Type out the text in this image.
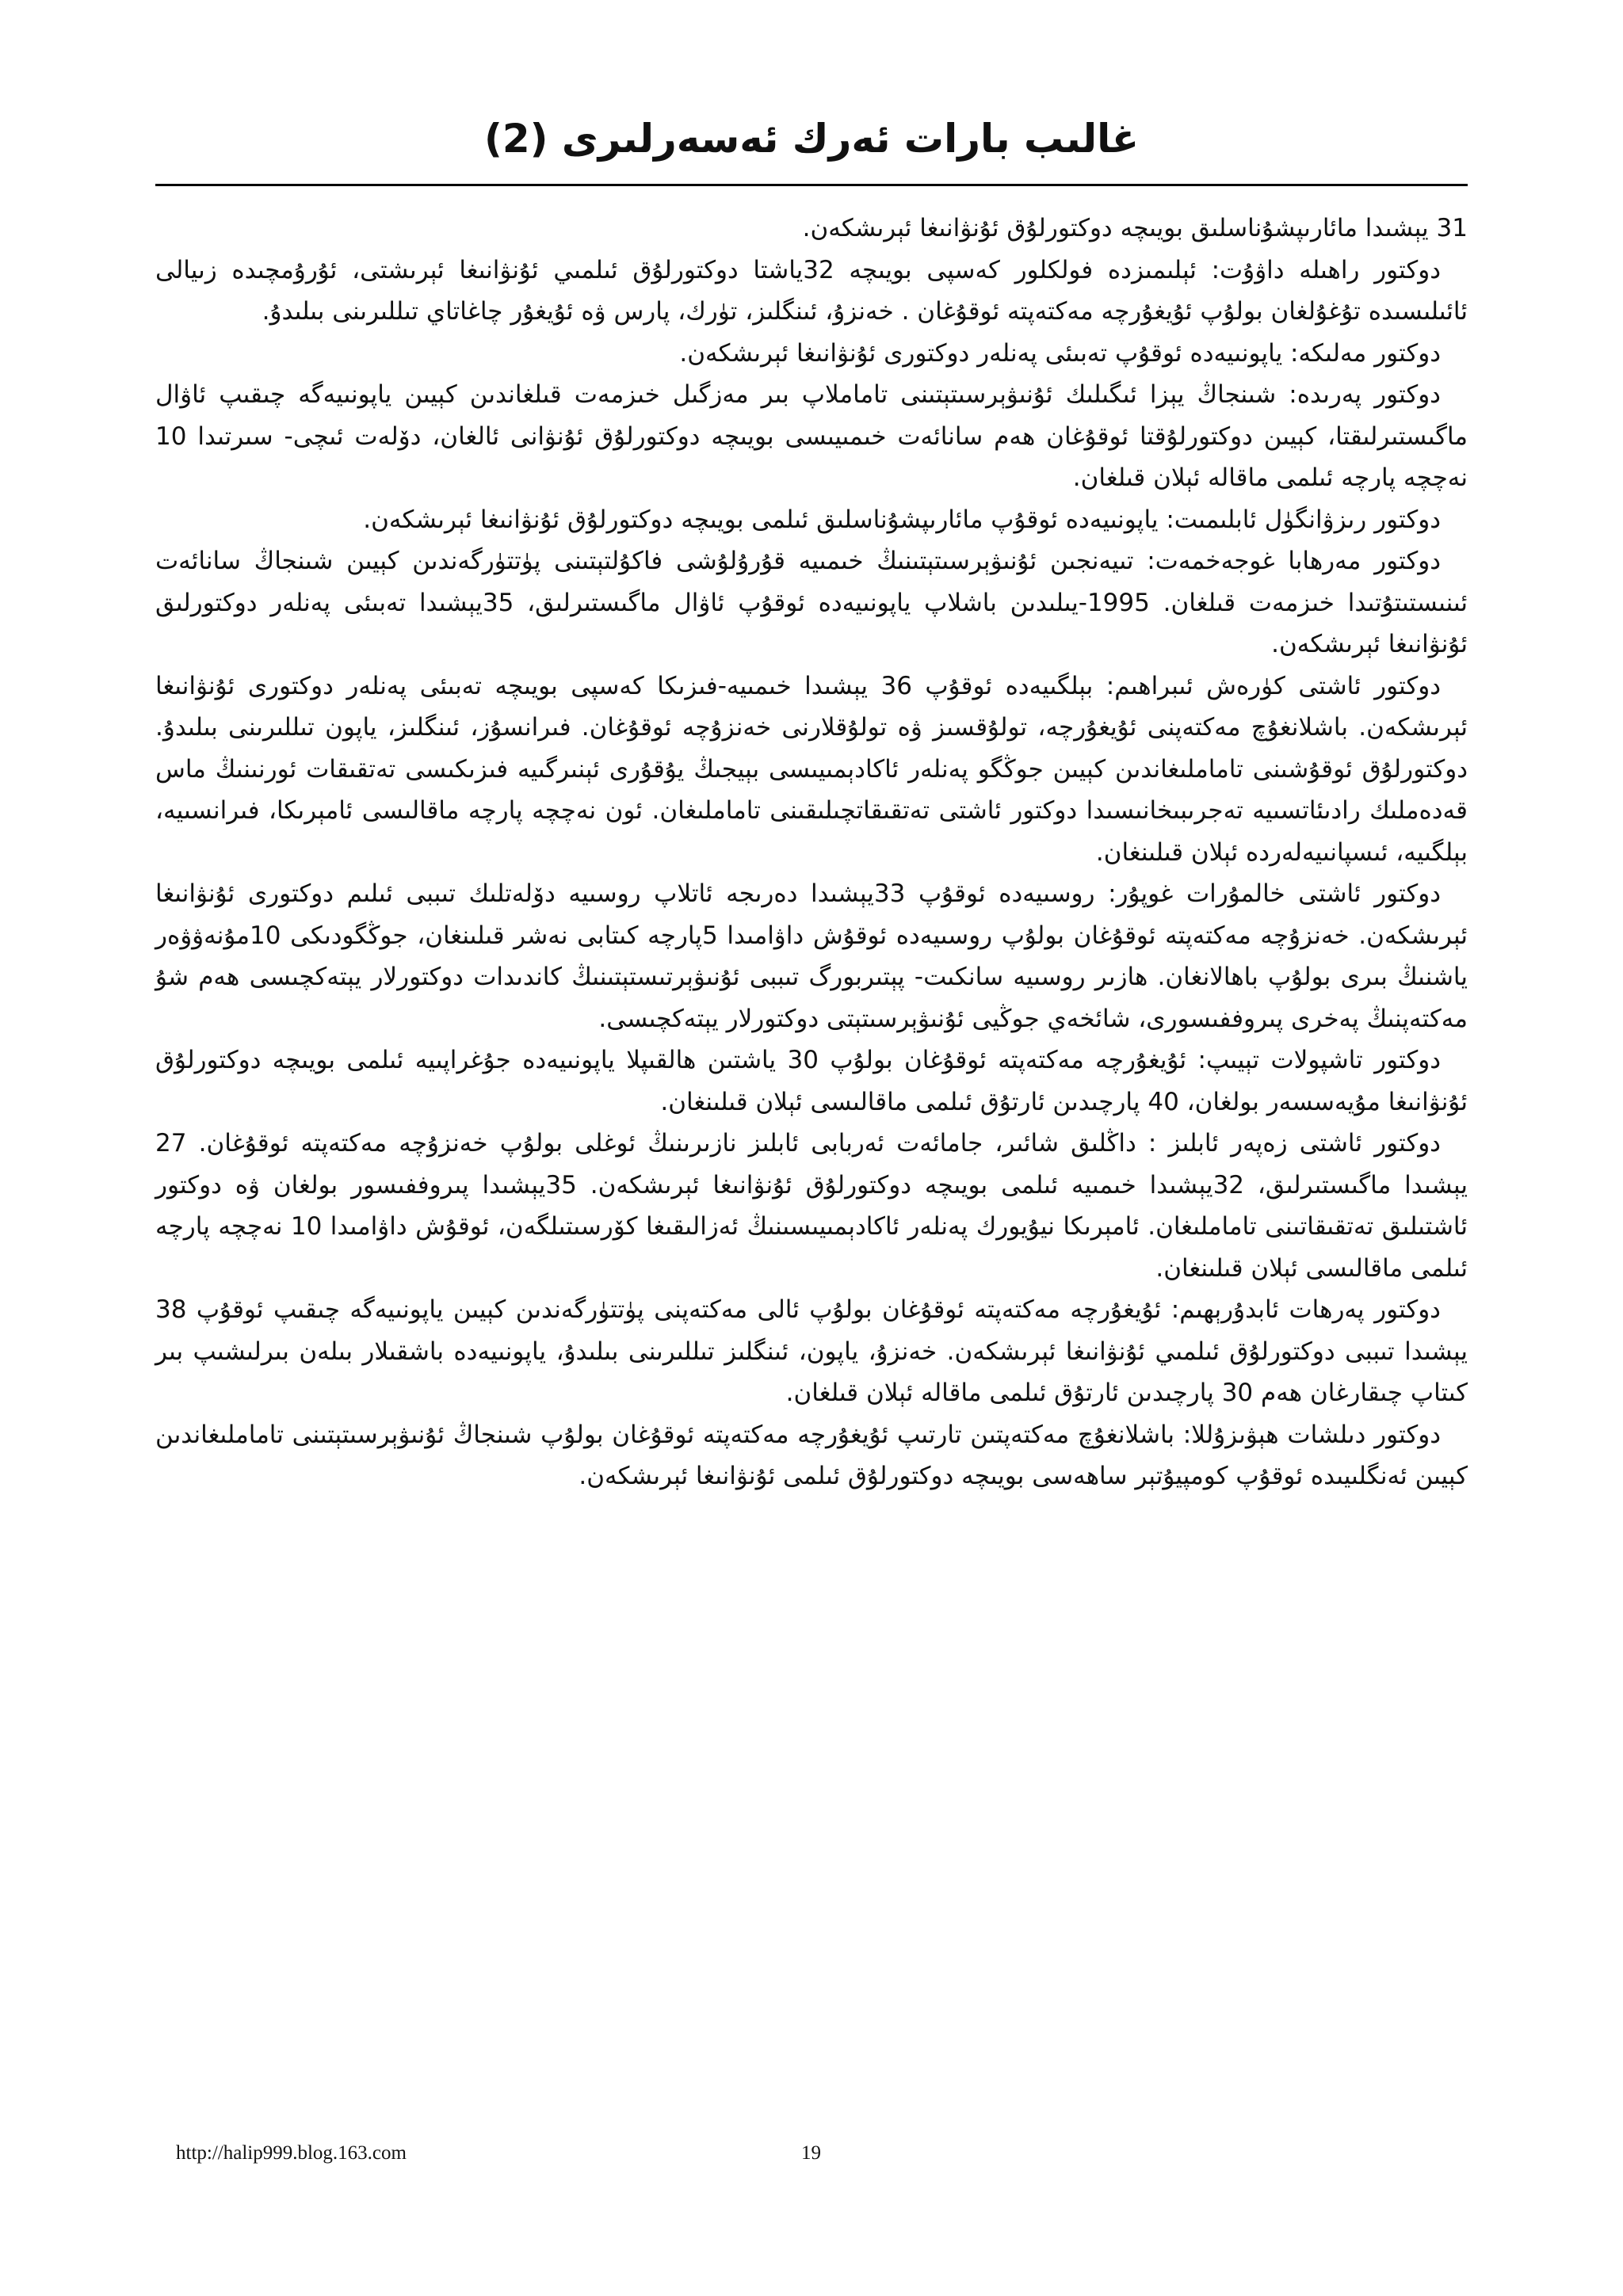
غالىب بارات ئەرك ئەسەرلىرى (2)

31 يېشىدا مائارىپشۇناسلىق بويىچە دوكتورلۇق ئۇنۋانىغا ئېرىشكەن.

دوكتور راھىلە داۋۇت: ئېلىمىزدە فولكلور كەسپى بويىچە 32ياشتا دوكتورلۇق ئىلمىي ئۇنۋانىغا ئېرىشتى، ئۇرۇمچىدە زىيالى ئائىلىسىدە تۇغۇلغان بولۇپ ئۇيغۇرچە مەكتەپتە ئوقۇغان . خەنزۇ، ئىنگلىز، تۈرك، پارس ۋە ئۇيغۇر چاغاتاي تىللىرىنى بىلىدۇ.

دوكتور مەلىكە: ياپونىيەدە ئوقۇپ تەبىئى پەنلەر دوكتورى ئۇنۋانىغا ئېرىشكەن.

دوكتور پەرىدە: شىنجاڭ يېزا ئىگىلىك ئۇنىۋېرسىتېتىنى تاماملاپ بىر مەزگىل خىزمەت قىلغاندىن كېيىن ياپونىيەگە چىقىپ ئاۋال ماگىستىرلىقتا، كېيىن دوكتورلۇقتا ئوقۇغان ھەم سانائەت خىمىيىسى بويىچە دوكتورلۇق ئۇنۋانى ئالغان، دۆلەت ئىچى- سىرتىدا 10 نەچچە پارچە ئىلمى ماقالە ئېلان قىلغان.

دوكتور رىزۋانگۈل ئابلىمىت: ياپونىيەدە ئوقۇپ مائارىپشۇناسلىق ئىلمى بويىچە دوكتورلۇق ئۇنۋانىغا ئېرىشكەن.

دوكتور مەرھابا غوجەخمەت: تىيەنجىن ئۇنىۋېرسىتېتىنىڭ خىمىيە قۇرۇلۇشى فاكۇلتېتىنى پۈتتۈرگەندىن كېيىن شىنجاڭ سانائەت ئىنىستىتۇتىدا خىزمەت قىلغان. 1995-يىلىدىن باشلاپ ياپونىيەدە ئوقۇپ ئاۋال ماگىستىرلىق، 35يېشىدا تەبىئى پەنلەر دوكتورلىق ئۇنۋانىغا ئېرىشكەن.

دوكتور ئاشتى كۈرەش ئىبراھىم: بېلگىيەدە ئوقۇپ 36 يېشىدا خىمىيە-فىزىكا كەسپى بويىچە تەبىئى پەنلەر دوكتورى ئۇنۋانىغا ئېرىشكەن. باشلانغۇچ مەكتەپنى ئۇيغۇرچە، تولۇقسىز ۋە تولۇقلارنى خەنزۇچە ئوقۇغان. فىرانسۇز، ئىنگلىز، ياپون تىللىرىنى بىلىدۇ. دوكتورلۇق ئوقۇشىنى تاماملىغاندىن كېيىن جوڭگو پەنلەر ئاكادېمىيىسى بېيجىڭ يۇقۇرى ئېنىرگىيە فىزىكىسى تەتقىقات ئورنىنىڭ ماس قەدەملىك رادىئاتسىيە تەجرىبىخانىسىدا دوكتور ئاشتى تەتقىقاتچىلىقىنى تاماملىغان. ئون نەچچە پارچە ماقالىسى ئامېرىكا، فىرانسىيە، بېلگىيە، ئىسپانىيەلەردە ئېلان قىلىنغان.

دوكتور ئاشتى خالمۇرات غوپۇر: روسىيەدە ئوقۇپ 33يېشىدا دەرىجە ئاتلاپ روسىيە دۆلەتلىك تىببى ئىلىم دوكتورى ئۇنۋانىغا ئېرىشكەن. خەنزۇچە مەكتەپتە ئوقۇغان بولۇپ روسىيەدە ئوقۇش داۋامىدا 5پارچە كىتابى نەشر قىلىنغان، جوڭگودىكى 10مۇنەۋۋەر ياشنىڭ بىرى بولۇپ باھالانغان. ھازىر روسىيە سانكىت- پېتىربورگ تىببى ئۇنىۋېرتىستېتىنىڭ كاندىدات دوكتورلار يېتەكچىسى ھەم شۇ مەكتەپنىڭ پەخرى پىروففىسورى، شائخەي جوڭيى ئۇنىۋېرسىتېتى دوكتورلار يېتەكچىسى.

دوكتور تاشپولات تېيىپ: ئۇيغۇرچە مەكتەپتە ئوقۇغان بولۇپ 30 ياشتىن ھالقىپلا ياپونىيەدە جۇغراپىيە ئىلمى بويىچە دوكتورلۇق ئۇنۋانىغا مۇيەسسەر بولغان، 40 پارچىدىن ئارتۇق ئىلمى ماقالىسى ئېلان قىلىنغان.

دوكتور ئاشتى زەپەر ئابلىز : داڭلىق شائىر، جامائەت ئەربابى ئابلىز نازىرىنىڭ ئوغلى بولۇپ خەنزۇچە مەكتەپتە ئوقۇغان. 27 يېشىدا ماگىستىرلىق، 32يېشىدا خىمىيە ئىلمى بويىچە دوكتورلۇق ئۇنۋانىغا ئېرىشكەن. 35يېشىدا پىروففىسور بولغان ۋە دوكتور ئاشتىلىق تەتقىقاتىنى تاماملىغان. ئامېرىكا نيۇيورك پەنلەر ئاكادېمىيىسىنىڭ ئەزالىقىغا كۆرسىتىلگەن، ئوقۇش داۋامىدا 10 نەچچە پارچە ئىلمى ماقالىسى ئېلان قىلىنغان.

دوكتور پەرھات ئابدۇرېھىم: ئۇيغۇرچە مەكتەپتە ئوقۇغان بولۇپ ئالى مەكتەپنى پۈتتۈرگەندىن كېيىن ياپونىيەگە چىقىپ ئوقۇپ 38 يېشىدا تىببى دوكتورلۇق ئىلمىي ئۇنۋانىغا ئېرىشكەن. خەنزۇ، ياپون، ئىنگلىز تىللىرىنى بىلىدۇ، ياپونىيەدە باشقىلار بىلەن بىرلىشىپ بىر كىتاپ چىقارغان ھەم 30 پارچىدىن ئارتۇق ئىلمى ماقالە ئېلان قىلغان.

دوكتور دىلشات ھېۋىزۇللا: باشلانغۇچ مەكتەپتىن تارتىپ ئۇيغۇرچە مەكتەپتە ئوقۇغان بولۇپ شىنجاڭ ئۇنىۋېرسىتېتىنى تاماملىغاندىن كېيىن ئەنگلىيىدە ئوقۇپ كومپيۇتېر ساھەسى بويىچە دوكتورلۇق ئىلمى ئۇنۋانىغا ئېرىشكەن.

http://halip999.blog.163.com	19
